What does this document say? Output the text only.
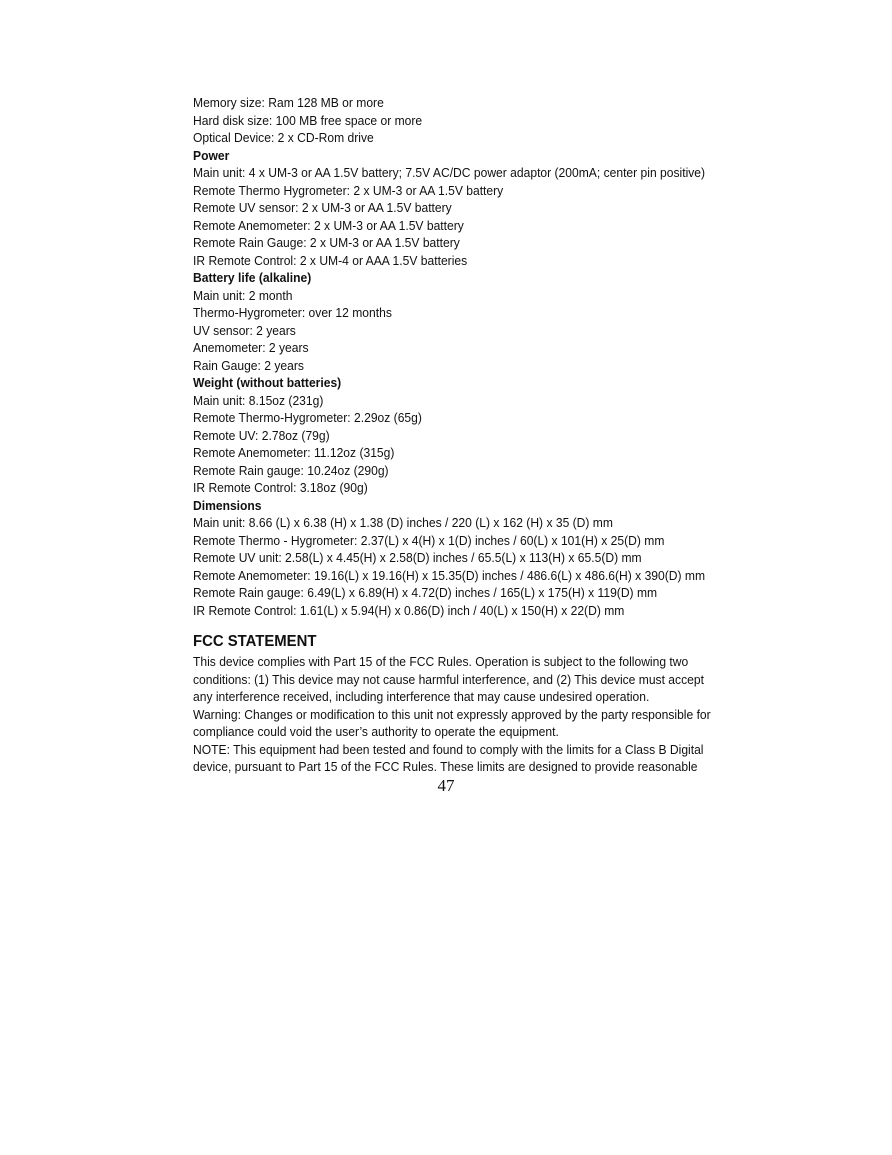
Memory size: Ram 128 MB or more
Hard disk size: 100 MB free space or more
Optical Device: 2 x CD-Rom drive
Power
Main unit: 4 x UM-3 or AA 1.5V battery; 7.5V AC/DC power adaptor (200mA; center pin positive)
Remote Thermo Hygrometer: 2 x UM-3 or AA 1.5V battery
Remote UV sensor: 2 x UM-3 or AA 1.5V battery
Remote Anemometer: 2 x UM-3 or AA 1.5V battery
Remote Rain Gauge: 2 x UM-3 or AA 1.5V battery
IR Remote Control: 2 x UM-4 or AAA 1.5V batteries
Battery life (alkaline)
Main unit: 2 month
Thermo-Hygrometer: over 12 months
UV sensor: 2 years
Anemometer: 2 years
Rain Gauge: 2 years
Weight (without batteries)
Main unit: 8.15oz (231g)
Remote Thermo-Hygrometer: 2.29oz (65g)
Remote UV: 2.78oz (79g)
Remote Anemometer: 11.12oz (315g)
Remote Rain gauge: 10.24oz (290g)
IR Remote Control: 3.18oz (90g)
Dimensions
Main unit: 8.66 (L) x 6.38 (H) x 1.38 (D) inches / 220 (L) x 162 (H) x 35 (D) mm
Remote Thermo - Hygrometer: 2.37(L) x 4(H) x 1(D) inches / 60(L) x 101(H) x 25(D) mm
Remote UV unit: 2.58(L) x 4.45(H) x 2.58(D) inches / 65.5(L) x 113(H) x 65.5(D) mm
Remote Anemometer: 19.16(L) x 19.16(H) x 15.35(D) inches / 486.6(L) x 486.6(H) x 390(D) mm
Remote Rain gauge: 6.49(L) x 6.89(H) x 4.72(D) inches / 165(L) x 175(H) x 119(D) mm
IR Remote Control: 1.61(L) x 5.94(H) x 0.86(D) inch / 40(L) x 150(H) x 22(D) mm
FCC STATEMENT
This device complies with Part 15 of the FCC Rules. Operation is subject to the following two
conditions: (1) This device may not cause harmful interference, and (2) This device must accept
any interference received, including interference that may cause undesired operation.
Warning: Changes or modification to this unit not expressly approved by the party responsible for
compliance could void the user’s authority to operate the equipment.
NOTE: This equipment had been tested and found to comply with the limits for a Class B Digital
device, pursuant to Part 15 of the FCC Rules. These limits are designed to provide reasonable
47
